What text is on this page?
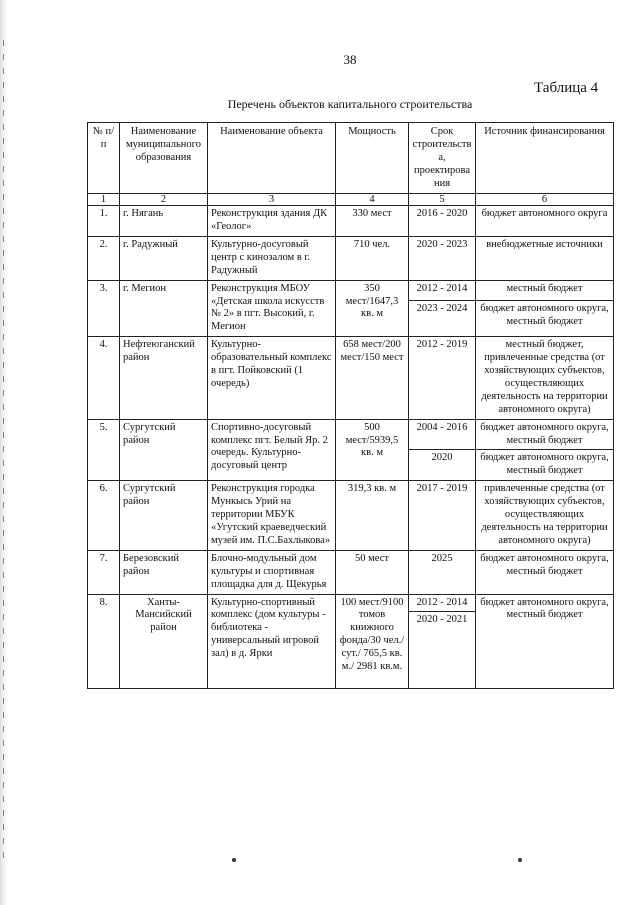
38
Таблица 4
Перечень объектов капитального строительства
№ п/п	Наименование муниципального образования	Наименование объекта	Мощность	Срок строительства, проектирования	Источник финансирования
1	2	3	4	5	6
1.	г. Нягань	Реконструкция здания ДК «Геолог»	330 мест	2016 - 2020	бюджет автономного округа
2.	г. Радужный	Культурно-досуговый центр с кинозалом в г. Радужный	710 чел.	2020 - 2023	внебюджетные источники
3.	г. Мегион	Реконструкция МБОУ «Детская школа искусств № 2» в пгт. Высокий, г. Мегион	350 мест/1647,3 кв. м	2012 - 2014	местный бюджет
				2023 - 2024	бюджет автономного округа, местный бюджет
4.	Нефтеюганский район	Культурно-образовательный комплекс в пгт. Пойковский (1 очередь)	658 мест/200 мест/150 мест	2012 - 2019	местный бюджет, привлеченные средства (от хозяйствующих субъектов, осуществляющих деятельность на территории автономного округа)
5.	Сургутский район	Спортивно-досуговый комплекс пгт. Белый Яр. 2 очередь. Культурно-досуговый центр	500 мест/5939,5 кв. м	2004 - 2016	бюджет автономного округа, местный бюджет
				2020	бюджет автономного округа, местный бюджет
6.	Сургутский район	Реконструкция городка Мункысь Урий на территории МБУК «Угутский краеведческий музей им. П.С.Бахлыкова»	319,3 кв. м	2017 - 2019	привлеченные средства (от хозяйствующих субъектов, осуществляющих деятельность на территории автономного округа)
7.	Березовский район	Блочно-модульный дом культуры и спортивная площадка для д. Щекурья	50 мест	2025	бюджет автономного округа, местный бюджет
8.	Ханты-Мансийский район	Культурно-спортивный комплекс (дом культуры - библиотека - универсальный игровой зал) в д. Ярки	100 мест/9100 томов книжного фонда/30 чел./сут./ 765,5 кв. м./ 2981 кв.м.	2012 - 2014	бюджет автономного округа, местный бюджет
				2020 - 2021	
